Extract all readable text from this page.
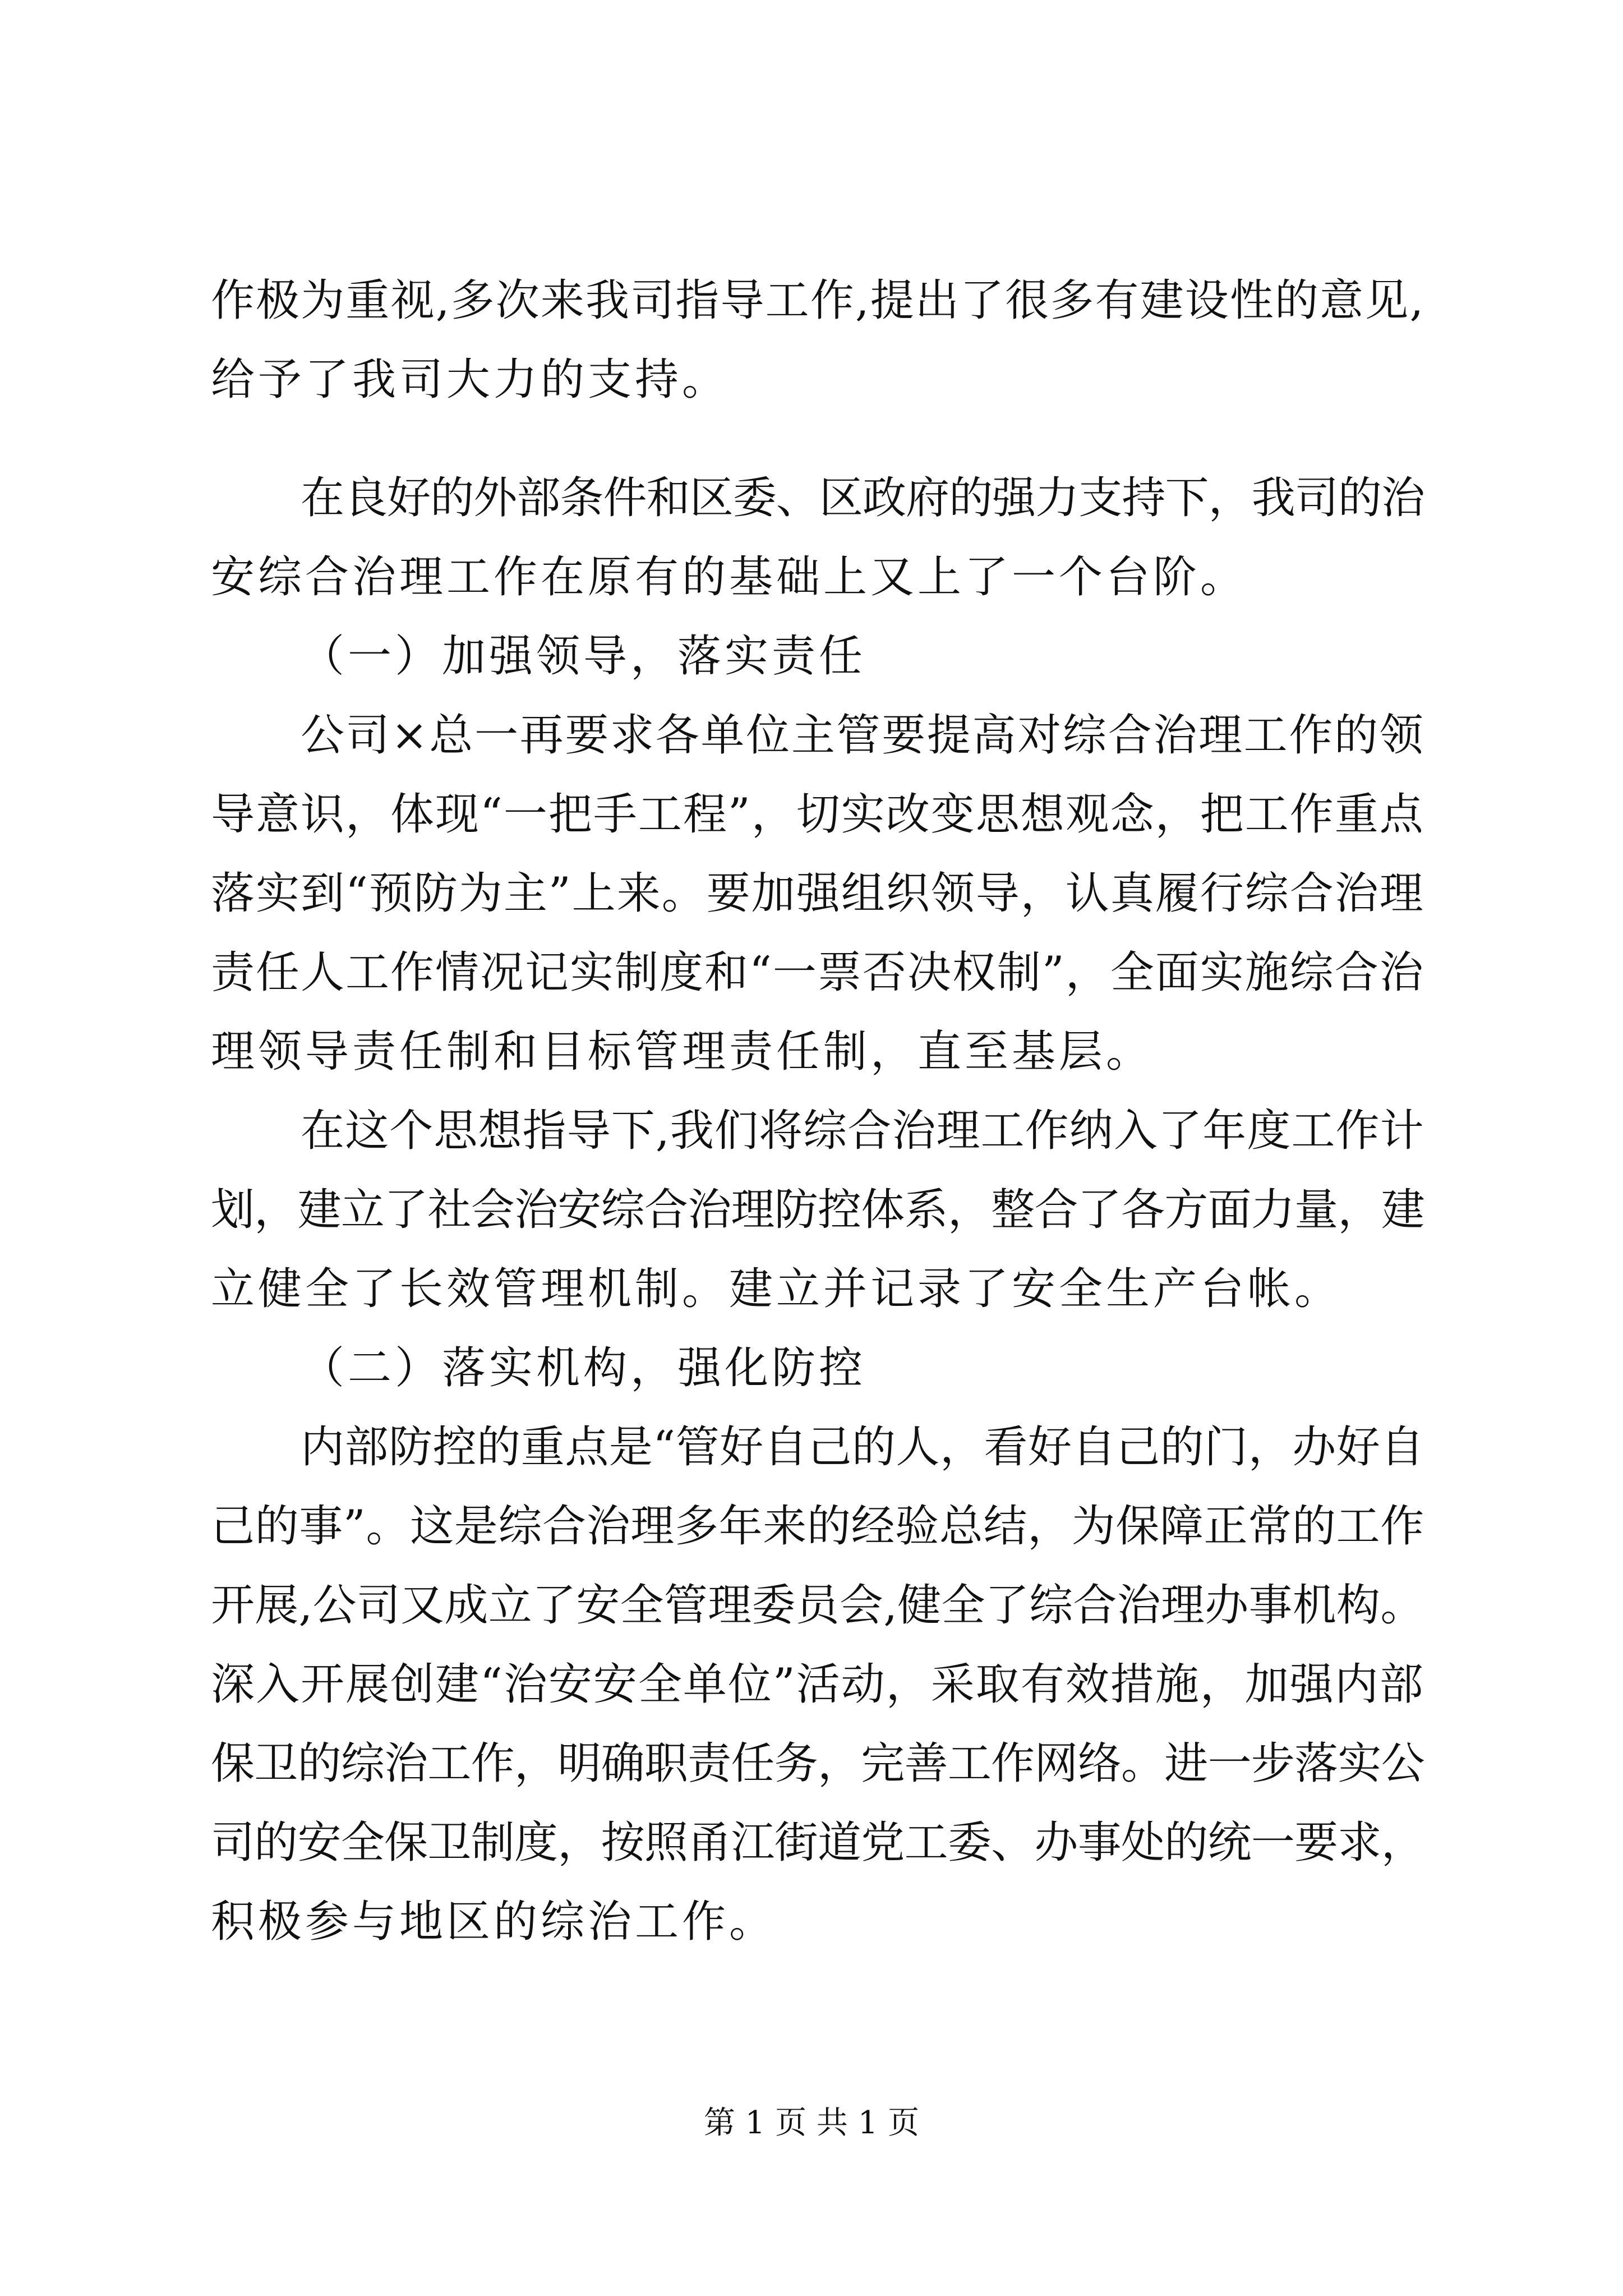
作极为重视,多次来我司指导工作,提出了很多有建设性的意见,
给予了我司大力的支持。
在良好的外部条件和区委、区政府的强力支持下，我司的治
安综合治理工作在原有的基础上又上了一个台阶。
（一）加强领导，落实责任
公司×总一再要求各单位主管要提高对综合治理工作的领
导意识，体现“一把手工程”，切实改变思想观念，把工作重点
落实到“预防为主”上来。要加强组织领导，认真履行综合治理
责任人工作情况记实制度和“一票否决权制”，全面实施综合治
理领导责任制和目标管理责任制，直至基层。
在这个思想指导下,我们将综合治理工作纳入了年度工作计
划，建立了社会治安综合治理防控体系，整合了各方面力量，建
立健全了长效管理机制。建立并记录了安全生产台帐。
（二）落实机构，强化防控
内部防控的重点是“管好自己的人，看好自己的门，办好自
己的事”。这是综合治理多年来的经验总结，为保障正常的工作
开展,公司又成立了安全管理委员会,健全了综合治理办事机构。
深入开展创建“治安安全单位”活动，采取有效措施，加强内部
保卫的综治工作，明确职责任务，完善工作网络。进一步落实公
司的安全保卫制度，按照甬江街道党工委、办事处的统一要求，
积极参与地区的综治工作。
第 1 页 共 1 页
